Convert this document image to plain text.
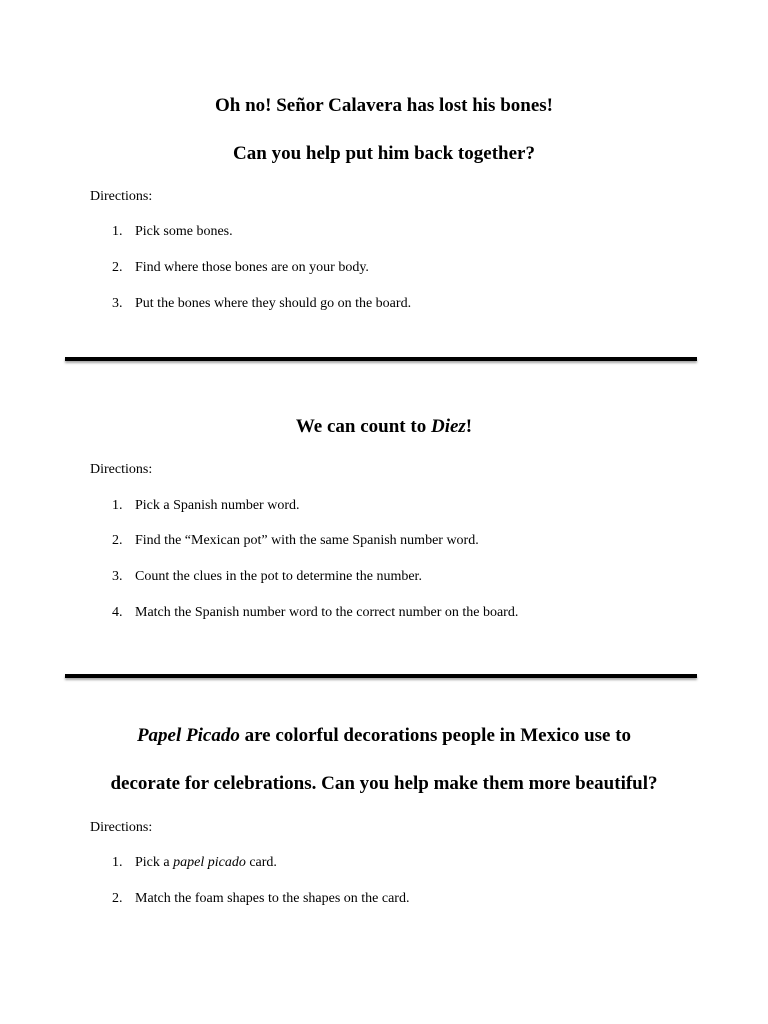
Oh no! Señor Calavera has lost his bones!
Can you help put him back together?
Directions:
1. Pick some bones.
2. Find where those bones are on your body.
3. Put the bones where they should go on the board.
We can count to Diez!
Directions:
1. Pick a Spanish number word.
2. Find the “Mexican pot” with the same Spanish number word.
3. Count the clues in the pot to determine the number.
4. Match the Spanish number word to the correct number on the board.
Papel Picado are colorful decorations people in Mexico use to
decorate for celebrations. Can you help make them more beautiful?
Directions:
1. Pick a papel picado card.
2. Match the foam shapes to the shapes on the card.
